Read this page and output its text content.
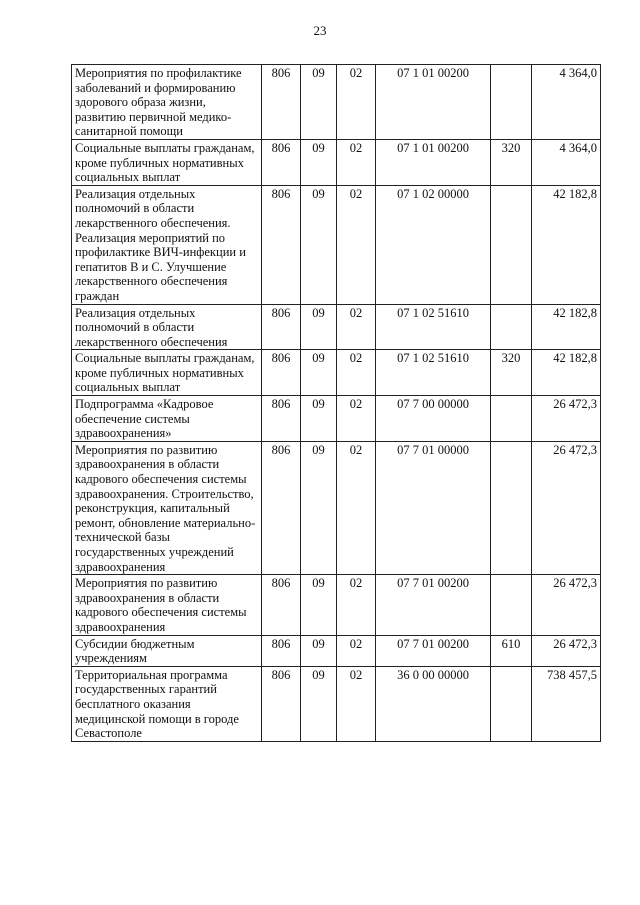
23
Мероприятия по профилактике заболеваний и формированию здорового образа жизни, развитию первичной медико-санитарной помощи	806	09	02	07 1 01 00200		4 364,0
Социальные выплаты гражданам, кроме публичных нормативных социальных выплат	806	09	02	07 1 01 00200	320	4 364,0
Реализация отдельных полномочий в области лекарственного обеспечения. Реализация мероприятий по профилактике ВИЧ-инфекции и гепатитов В и С. Улучшение лекарственного обеспечения граждан	806	09	02	07 1 02 00000		42 182,8
Реализация отдельных полномочий в области лекарственного обеспечения	806	09	02	07 1 02 51610		42 182,8
Социальные выплаты гражданам, кроме публичных нормативных социальных выплат	806	09	02	07 1 02 51610	320	42 182,8
Подпрограмма «Кадровое обеспечение системы здравоохранения»	806	09	02	07 7 00 00000		26 472,3
Мероприятия по развитию здравоохранения в области кадрового обеспечения системы здравоохранения. Строительство, реконструкция, капитальный ремонт, обновление материально-технической базы государственных учреждений здравоохранения	806	09	02	07 7 01 00000		26 472,3
Мероприятия по развитию здравоохранения в области кадрового обеспечения системы здравоохранения	806	09	02	07 7 01 00200		26 472,3
Субсидии бюджетным учреждениям	806	09	02	07 7 01 00200	610	26 472,3
Территориальная программа государственных гарантий бесплатного оказания медицинской помощи в городе Севастополе	806	09	02	36 0 00 00000		738 457,5
